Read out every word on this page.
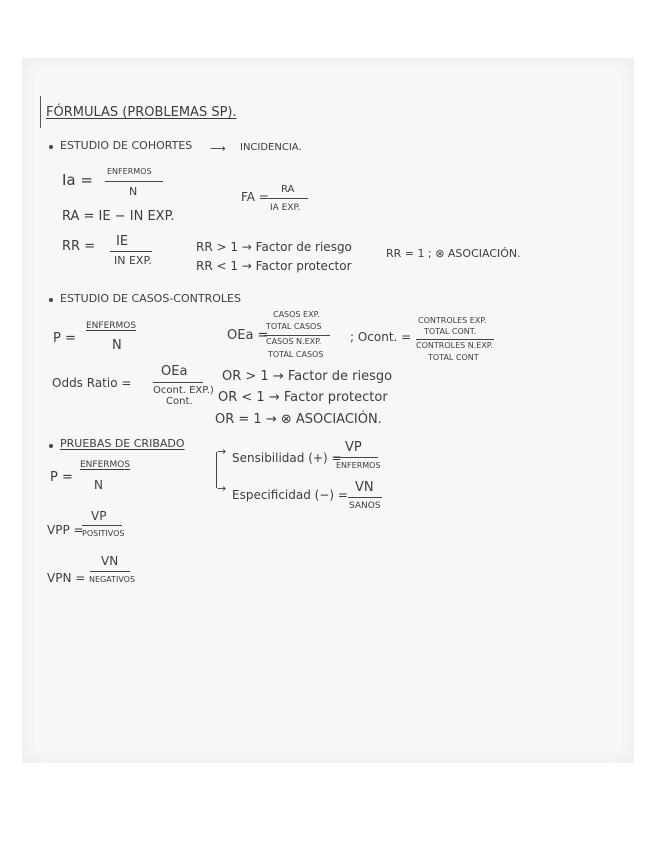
FÓRMULAS (PROBLEMAS SP).
ESTUDIO DE COHORTES ⟶ INCIDENCIA.
Ia = ENFERMOS
N	FA =
RA
IA EXP.
RA = IE − IN EXP.
RR = IE
IN EXP.
RR > 1 → Factor de riesgo
RR < 1 → Factor protector
RR = 1 ; ⊗ ASOCIACIÓN.
ESTUDIO DE CASOS-CONTROLES
P =
ENFERMOS
N
OEa =
CASOS EXP.
TOTAL CASOS
CASOS N.EXP.
TOTAL CASOS
; Ocont. =
CONTROLES EXP.
TOTAL CONT.
CONTROLES N.EXP.
TOTAL CONT
Odds Ratio =
OEa
Ocont. EXP.)
Cont.
OR > 1 → Factor de riesgo
OR < 1 → Factor protector
OR = 1 → ⊗ ASOCIACIÓN.
PRUEBAS DE CRIBADO
P =
ENFERMOS
N
→
→
Sensibilidad (+) =
VP
ENFERMOS
Especificidad (−) = VN
SANOS
VPP =
VP
POSITIVOS
VPN =
VN
NEGATIVOS
